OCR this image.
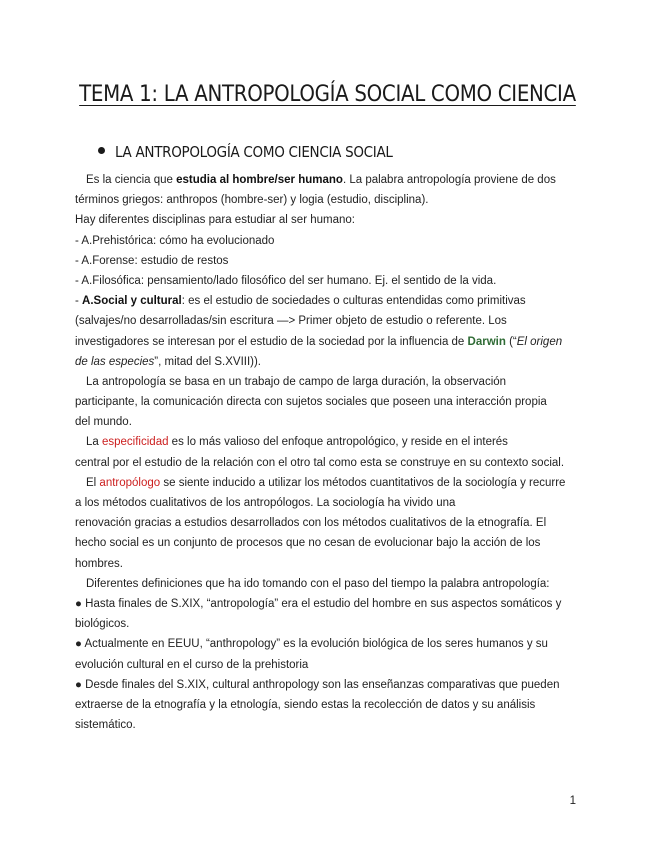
TEMA 1: LA ANTROPOLOGÍA SOCIAL COMO CIENCIA
LA ANTROPOLOGÍA COMO CIENCIA SOCIAL
Es la ciencia que estudia al hombre/ser humano. La palabra antropología proviene de dos
términos griegos: anthropos (hombre-ser) y logia (estudio, disciplina).
Hay diferentes disciplinas para estudiar al ser humano:
- A.Prehistórica: cómo ha evolucionado
- A.Forense: estudio de restos
- A.Filosófica: pensamiento/lado filosófico del ser humano. Ej. el sentido de la vida.
- A.Social y cultural: es el estudio de sociedades o culturas entendidas como primitivas
(salvajes/no desarrolladas/sin escritura —> Primer objeto de estudio o referente. Los
investigadores se interesan por el estudio de la sociedad por la influencia de Darwin (“El origen
de las especies”, mitad del S.XVIII)).
La antropología se basa en un trabajo de campo de larga duración, la observación
participante, la comunicación directa con sujetos sociales que poseen una interacción propia
del mundo.
La especificidad es lo más valioso del enfoque antropológico, y reside en el interés
central por el estudio de la relación con el otro tal como esta se construye en su contexto social.
El antropólogo se siente inducido a utilizar los métodos cuantitativos de la sociología y recurre
a los métodos cualitativos de los antropólogos. La sociología ha vivido una
renovación gracias a estudios desarrollados con los métodos cualitativos de la etnografía. El
hecho social es un conjunto de procesos que no cesan de evolucionar bajo la acción de los
hombres.
Diferentes definiciones que ha ido tomando con el paso del tiempo la palabra antropología:
● Hasta finales de S.XIX, “antropología” era el estudio del hombre en sus aspectos somáticos y
biológicos.
● Actualmente en EEUU, “anthropology” es la evolución biológica de los seres humanos y su
evolución cultural en el curso de la prehistoria
● Desde finales del S.XIX, cultural anthropology son las enseñanzas comparativas que pueden
extraerse de la etnografía y la etnología, siendo estas la recolección de datos y su análisis
sistemático.
1
